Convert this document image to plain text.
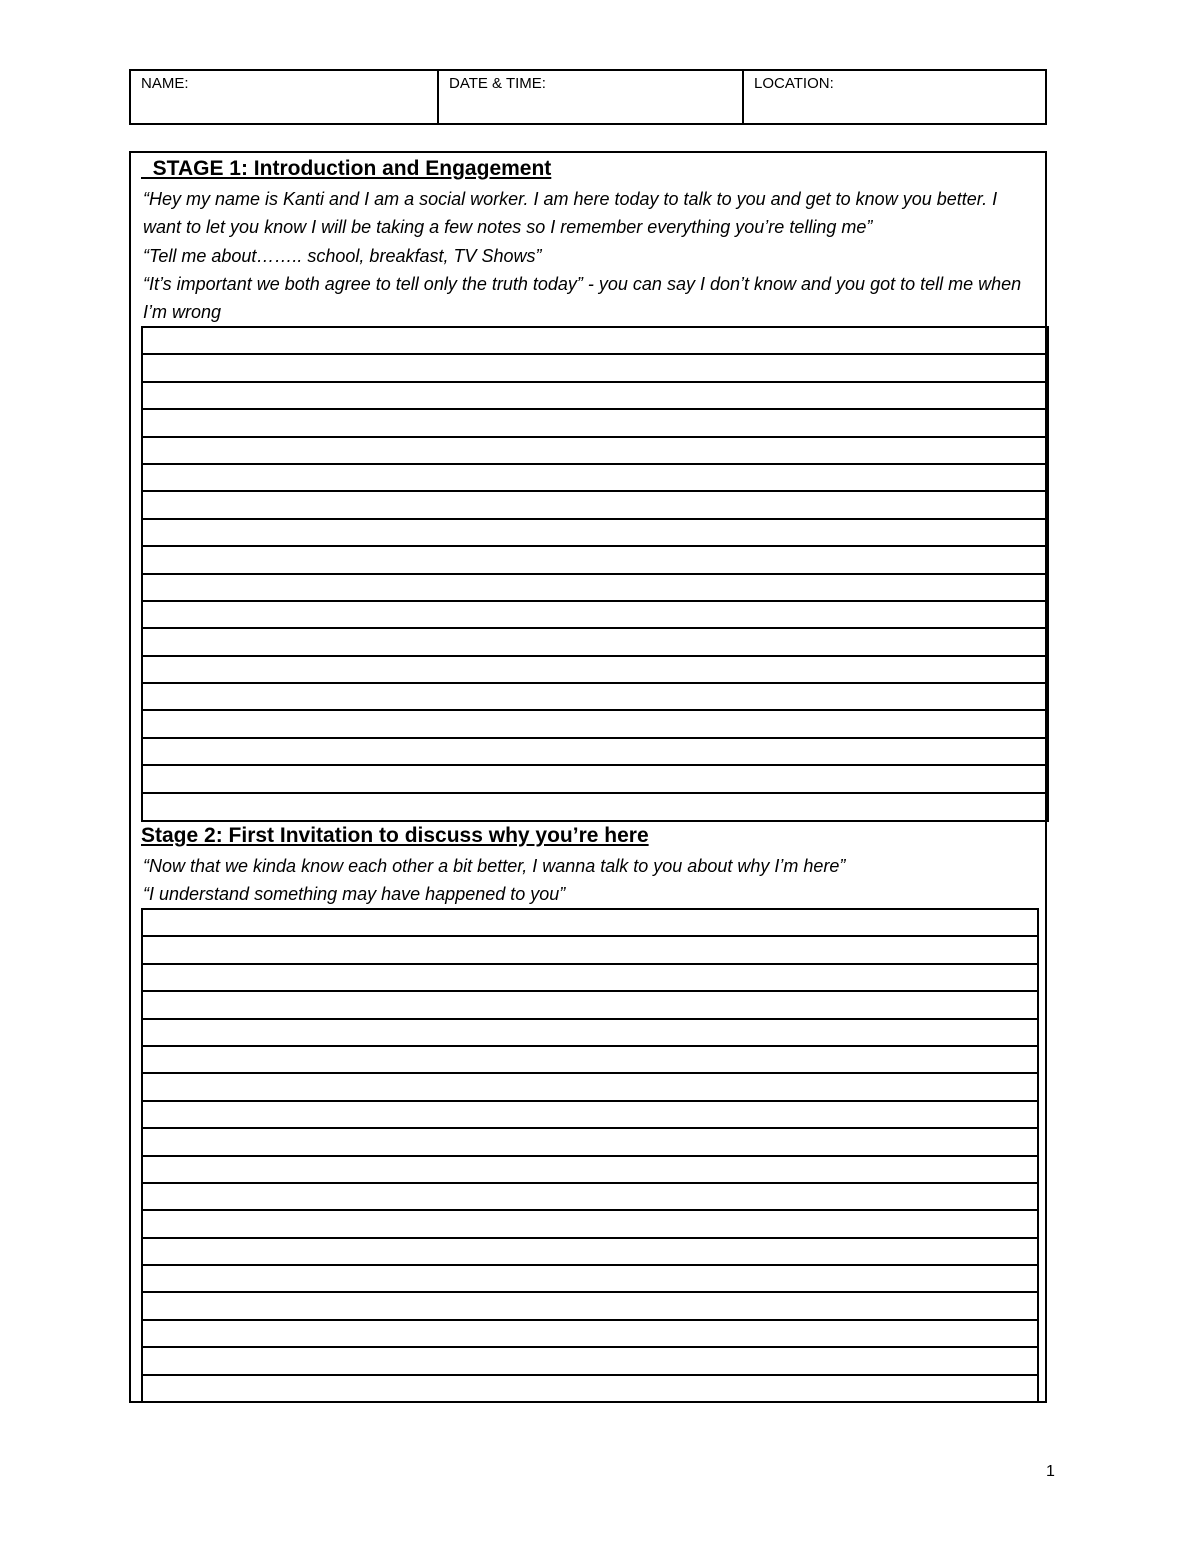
NAME:	DATE & TIME:	LOCATION:
STAGE 1: Introduction and Engagement

“Hey my name is Kanti and I am a social worker. I am here today to talk to you and get to know you better. I want to let you know I will be taking a few notes so I remember everything you’re telling me”

“Tell me about…….. school, breakfast, TV Shows”

“It’s important we both agree to tell only the truth today” - you can say I don’t know and you got to tell me when I’m wrong

Stage 2: First Invitation to discuss why you’re here

“Now that we kinda know each other a bit better, I wanna talk to you about why I’m here”

“I understand something may have happened to you”

1
